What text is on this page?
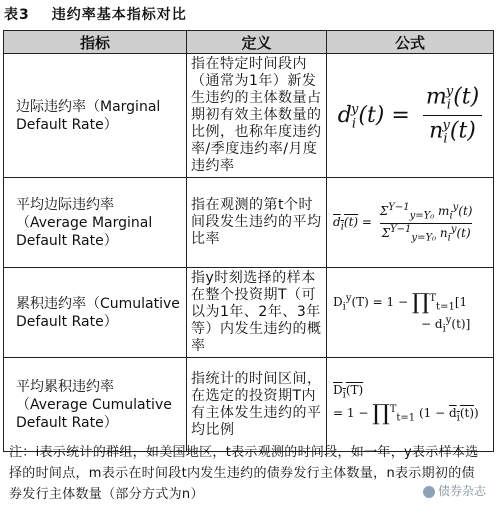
表3 违约率基本指标对比
指标	定义	公式
边际违约率（Marginal Default Rate）	指在特定时间段内（通常为1年）新发生违约的主体数量占期初有效主体数量的比例，也称年度违约率/季度违约率/月度违约率	$d_i^y(t) = \frac{m_i^y(t)}{n_i^y(t)}$

平均边际违约率（Average Marginal Default Rate）	指在观测的第t个时间段发生违约的平均比率	$d_i(t) = \frac{\Sigma^{Y-1}_{y=Y_0} m_i^y(t)}{\Sigma^{Y-1}_{y=Y_0} n_i^y(t)}$

累积违约率（Cumulative Default Rate）	指y时刻选择的样本在整个投资期T（可以为1年、2年、3年等）内发生违约的概率	$D_i^y(T) = 1$ − ∏$^T_{t=1}$[1
− $d_i^y(t)$]

平均累积违约率（Average Cumulative Default Rate）	指统计的时间区间，在选定的投资期T内有主体发生违约的平均比例	$D_i(T)$
= 1 − ∏$^T_{t=1}$ $(1 - d_i(t))$
注：i表示统计的群组，如美国地区，t表示观测的时间段，如一年，y表示样本选择的时间点，m表示在时间段t内发生违约的债券发行主体数量，n表示期初的债券发行主体数量（部分方式为n）	债券杂志
